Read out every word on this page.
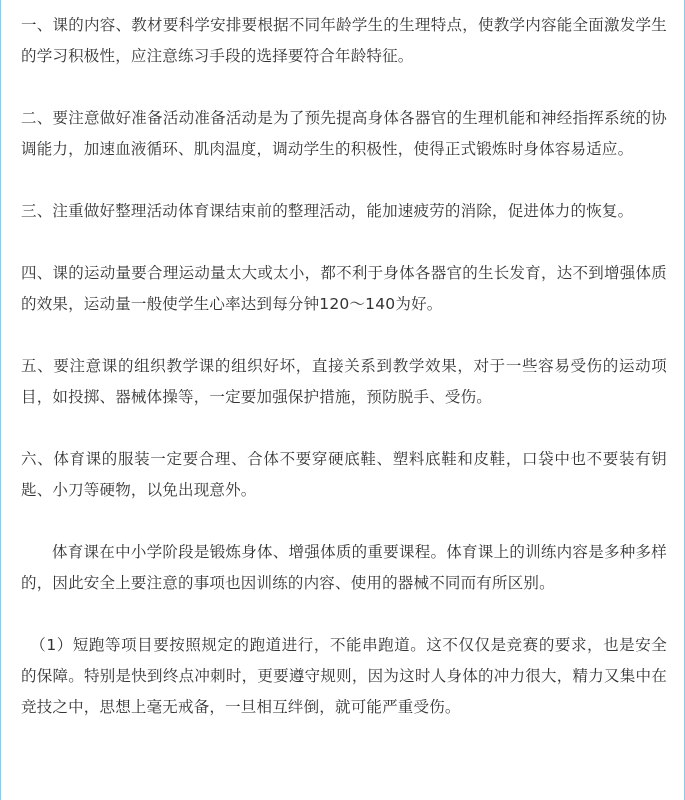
一、课的内容、教材要科学安排要根据不同年龄学生的生理特点，使教学内容能全面激发学生的学习积极性，应注意练习手段的选择要符合年龄特征。

二、要注意做好准备活动准备活动是为了预先提高身体各器官的生理机能和神经指挥系统的协调能力，加速血液循环、肌肉温度，调动学生的积极性，使得正式锻炼时身体容易适应。

三、注重做好整理活动体育课结束前的整理活动，能加速疲劳的消除，促进体力的恢复。

四、课的运动量要合理运动量太大或太小，都不利于身体各器官的生长发育，达不到增强体质的效果，运动量一般使学生心率达到每分钟120～140为好。

五、要注意课的组织教学课的组织好坏，直接关系到教学效果，对于一些容易受伤的运动项目，如投掷、器械体操等，一定要加强保护措施，预防脱手、受伤。

六、体育课的服装一定要合理、合体不要穿硬底鞋、塑料底鞋和皮鞋，口袋中也不要装有钥匙、小刀等硬物，以免出现意外。

体育课在中小学阶段是锻炼身体、增强体质的重要课程。体育课上的训练内容是多种多样的，因此安全上要注意的事项也因训练的内容、使用的器械不同而有所区别。

（1）短跑等项目要按照规定的跑道进行，不能串跑道。这不仅仅是竞赛的要求，也是安全的保障。特别是快到终点冲刺时，更要遵守规则，因为这时人身体的冲力很大，精力又集中在竞技之中，思想上毫无戒备，一旦相互绊倒，就可能严重受伤。
